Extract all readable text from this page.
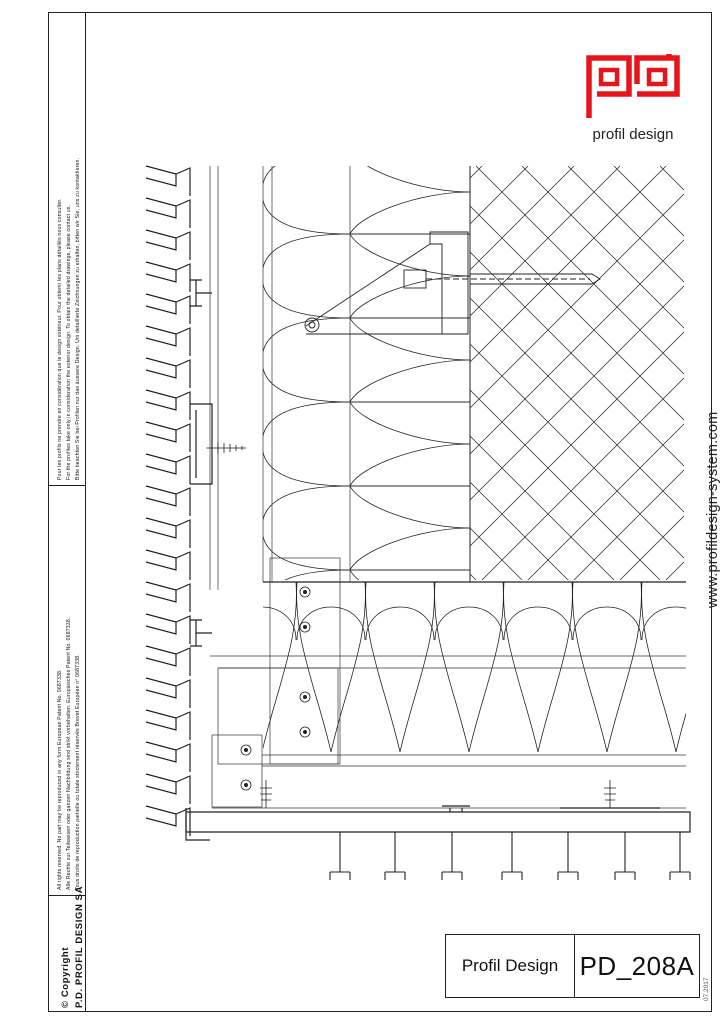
© Copyright P.D. PROFIL DESIGN SA
All rights reserved. No part may be reproduced in any form European Patent No. 0687338. Alle Rechte zur Teilweisen oder ganzen Nachbildung sind strikt vorbehalten. Europäisches Patent No. 0687338. Tous droits de reproduction partielle ou totale strictement réservés Brevet Européen n° 0687338.
Pour les profils ne prendre en considération que le design extérieur. Pour obtenir les plans détaillés nous consulter. For the profiles take only in consideration the exterior design. To obtain the detailed drawings, please contact us. Bitte beachten Sie bei Profilen nur das äussere Design. Um detaillierte Zeichnungen zu erhalten, bitten wir Sie, uns zu kontaktieren.
profil design
www.profildesign-system.com
Profil Design PD_208A
07.2017
